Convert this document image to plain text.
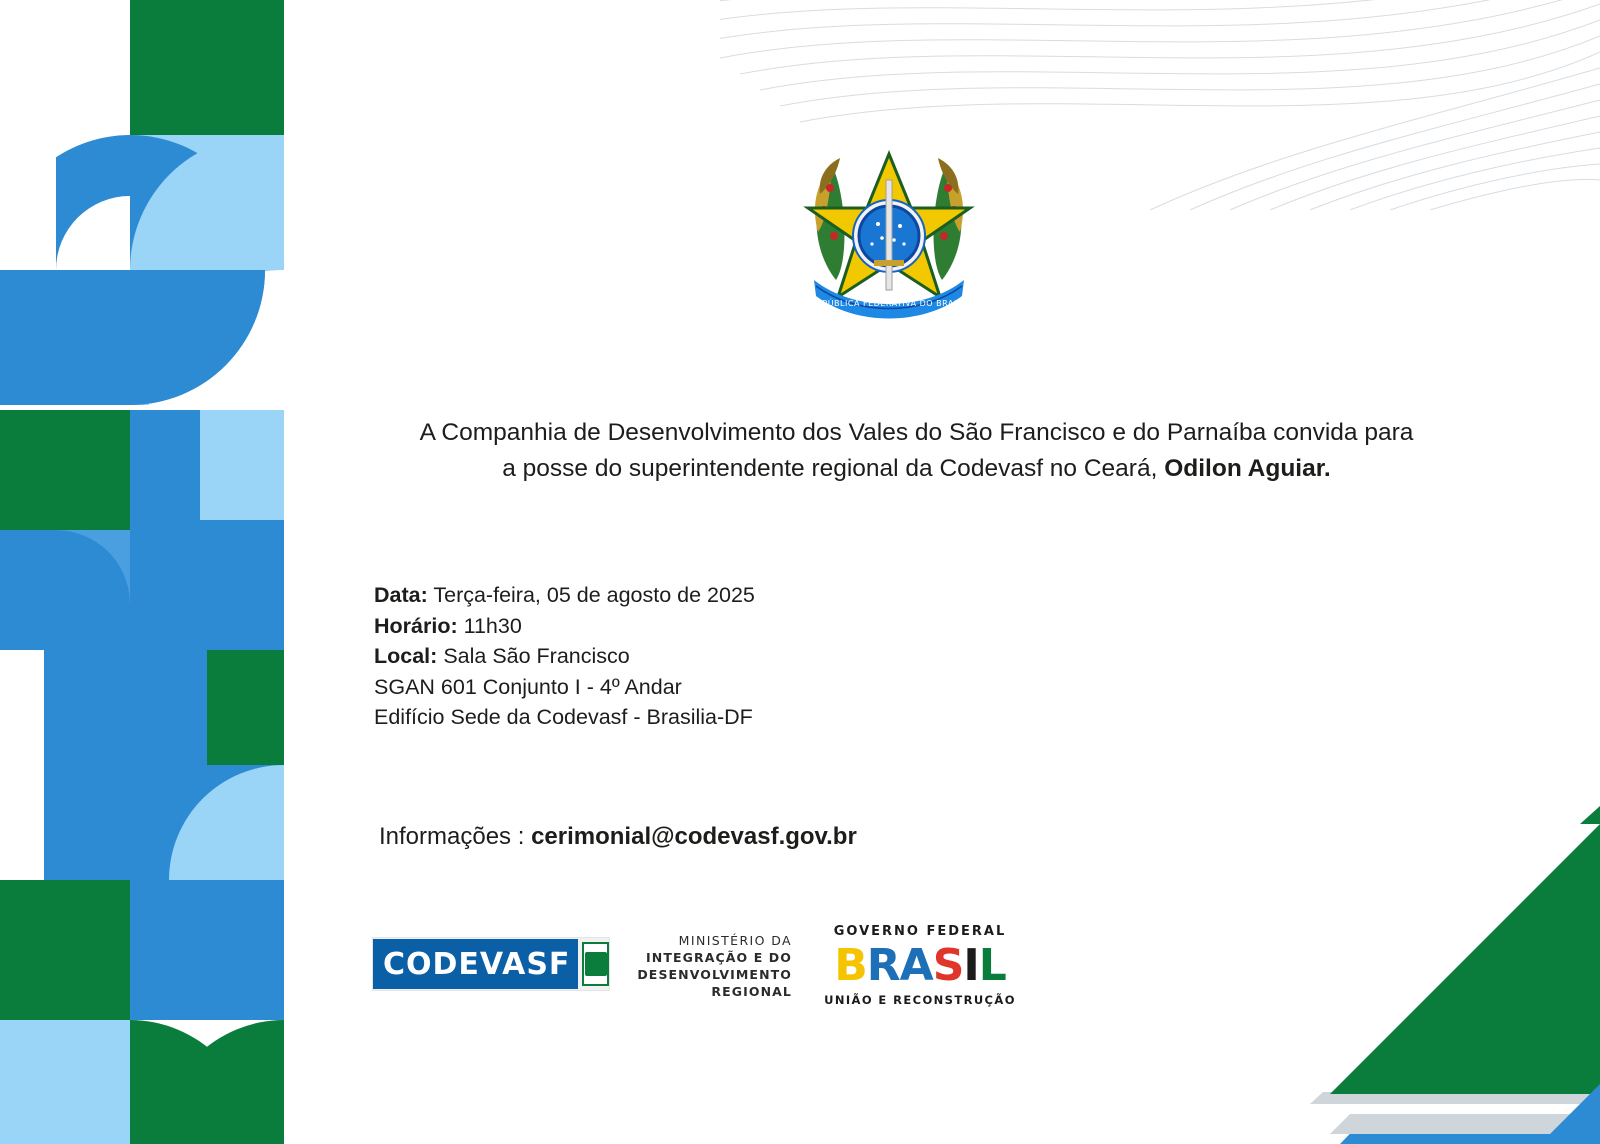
REPÚBLICA FEDERATIVA DO BRASIL
A Companhia de Desenvolvimento dos Vales do São Francisco e do Parnaíba convida para
a posse do superintendente regional da Codevasf no Ceará, Odilon Aguiar.
Data: Terça-feira, 05 de agosto de 2025
Horário: 11h30
Local: Sala São Francisco
SGAN 601 Conjunto I - 4º Andar
Edifício Sede da Codevasf - Brasilia-DF
Informações : cerimonial@codevasf.gov.br
CODEVASF
MINISTÉRIO DA
INTEGRAÇÃO E DO
DESENVOLVIMENTO
REGIONAL
GOVERNO FEDERAL
B R A S I L
UNIÃO E RECONSTRUÇÃO
